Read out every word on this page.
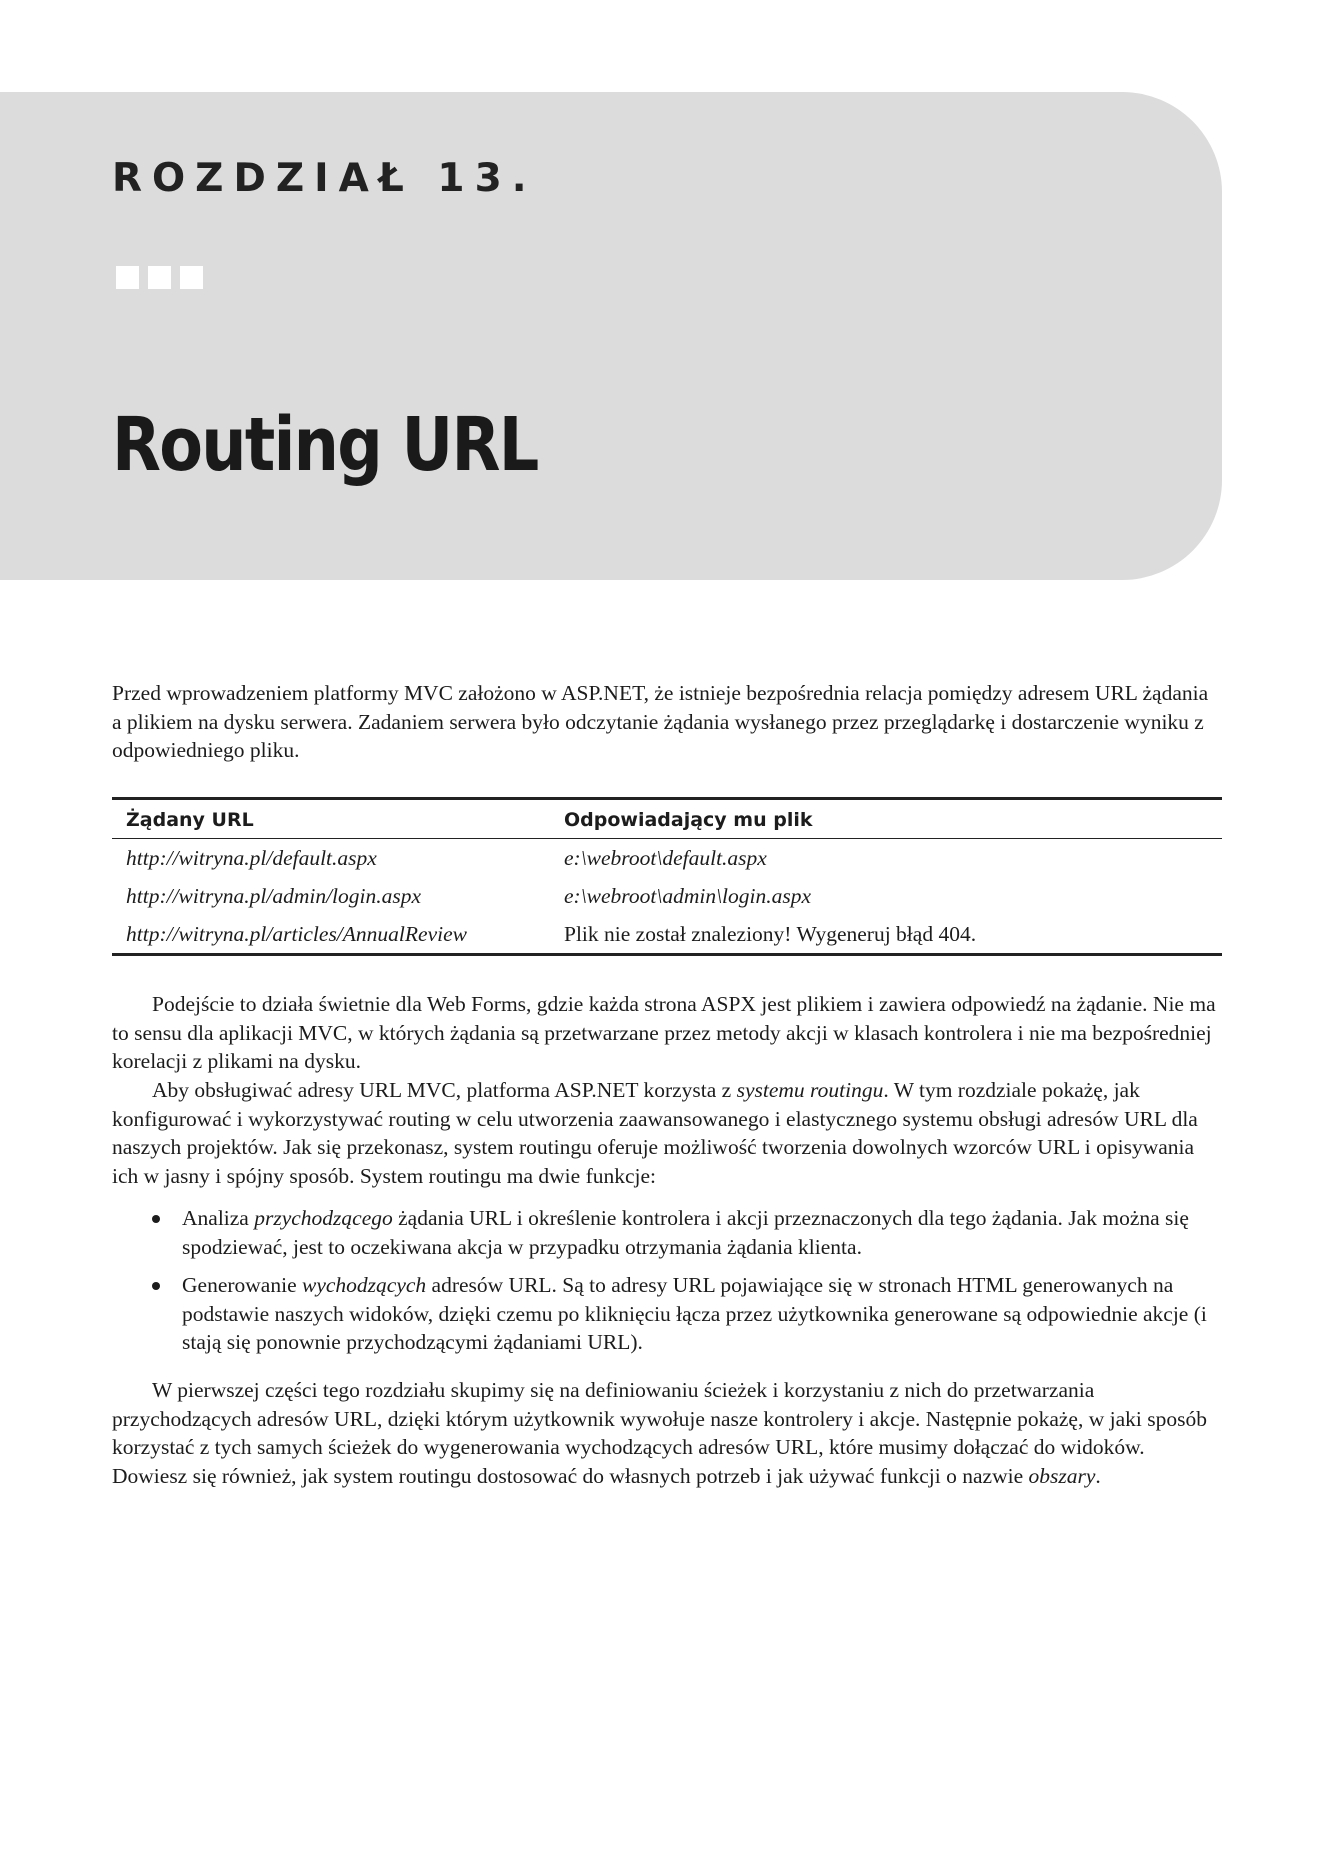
ROZDZIAŁ 13.
Routing URL

Przed wprowadzeniem platformy MVC założono w ASP.NET, że istnieje bezpośrednia relacja pomiędzy adresem URL żądania a plikiem na dysku serwera. Zadaniem serwera było odczytanie żądania wysłanego przez przeglądarkę i dostarczenie wyniku z odpowiedniego pliku.

Żądany URL	Odpowiadający mu plik
http://witryna.pl/default.aspx	e:\webroot\default.aspx
http://witryna.pl/admin/login.aspx	e:\webroot\admin\login.aspx
http://witryna.pl/articles/AnnualReview	Plik nie został znaleziony! Wygeneruj błąd 404.

Podejście to działa świetnie dla Web Forms, gdzie każda strona ASPX jest plikiem i zawiera odpowiedź na żądanie. Nie ma to sensu dla aplikacji MVC, w których żądania są przetwarzane przez metody akcji w klasach kontrolera i nie ma bezpośredniej korelacji z plikami na dysku.

Aby obsługiwać adresy URL MVC, platforma ASP.NET korzysta z systemu routingu. W tym rozdziale pokażę, jak konfigurować i wykorzystywać routing w celu utworzenia zaawansowanego i elastycznego systemu obsługi adresów URL dla naszych projektów. Jak się przekonasz, system routingu oferuje możliwość tworzenia dowolnych wzorców URL i opisywania ich w jasny i spójny sposób. System routingu ma dwie funkcje:

Analiza przychodzącego żądania URL i określenie kontrolera i akcji przeznaczonych dla tego żądania. Jak można się spodziewać, jest to oczekiwana akcja w przypadku otrzymania żądania klienta.
Generowanie wychodzących adresów URL. Są to adresy URL pojawiające się w stronach HTML generowanych na podstawie naszych widoków, dzięki czemu po kliknięciu łącza przez użytkownika generowane są odpowiednie akcje (i stają się ponownie przychodzącymi żądaniami URL).

W pierwszej części tego rozdziału skupimy się na definiowaniu ścieżek i korzystaniu z nich do przetwarzania przychodzących adresów URL, dzięki którym użytkownik wywołuje nasze kontrolery i akcje. Następnie pokażę, w jaki sposób korzystać z tych samych ścieżek do wygenerowania wychodzących adresów URL, które musimy dołączać do widoków. Dowiesz się również, jak system routingu dostosować do własnych potrzeb i jak używać funkcji o nazwie obszary.
